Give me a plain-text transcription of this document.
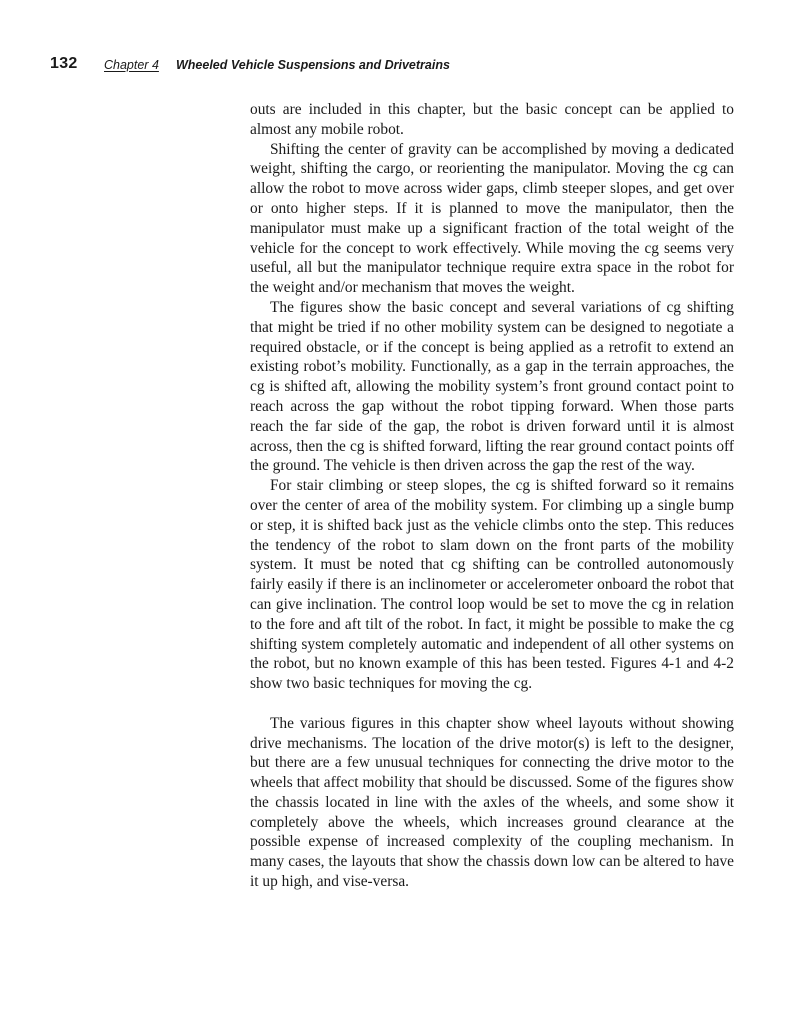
132 Chapter 4 Wheeled Vehicle Suspensions and Drivetrains

outs are included in this chapter, but the basic concept can be applied to almost any mobile robot.

Shifting the center of gravity can be accomplished by moving a dedicated weight, shifting the cargo, or reorienting the manipulator. Moving the cg can allow the robot to move across wider gaps, climb steeper slopes, and get over or onto higher steps. If it is planned to move the manipulator, then the manipulator must make up a significant fraction of the total weight of the vehicle for the concept to work effectively. While moving the cg seems very useful, all but the manipulator technique require extra space in the robot for the weight and/or mechanism that moves the weight.

The figures show the basic concept and several variations of cg shifting that might be tried if no other mobility system can be designed to negotiate a required obstacle, or if the concept is being applied as a retrofit to extend an existing robot’s mobility. Functionally, as a gap in the terrain approaches, the cg is shifted aft, allowing the mobility system’s front ground contact point to reach across the gap without the robot tipping forward. When those parts reach the far side of the gap, the robot is driven forward until it is almost across, then the cg is shifted forward, lifting the rear ground contact points off the ground. The vehicle is then driven across the gap the rest of the way.

For stair climbing or steep slopes, the cg is shifted forward so it remains over the center of area of the mobility system. For climbing up a single bump or step, it is shifted back just as the vehicle climbs onto the step. This reduces the tendency of the robot to slam down on the front parts of the mobility system. It must be noted that cg shifting can be controlled autonomously fairly easily if there is an inclinometer or accelerometer onboard the robot that can give inclination. The control loop would be set to move the cg in relation to the fore and aft tilt of the robot. In fact, it might be possible to make the cg shifting system completely automatic and independent of all other systems on the robot, but no known example of this has been tested. Figures 4-1 and 4-2 show two basic techniques for moving the cg.

The various figures in this chapter show wheel layouts without showing drive mechanisms. The location of the drive motor(s) is left to the designer, but there are a few unusual techniques for connecting the drive motor to the wheels that affect mobility that should be discussed. Some of the figures show the chassis located in line with the axles of the wheels, and some show it completely above the wheels, which increases ground clearance at the possible expense of increased complexity of the coupling mechanism. In many cases, the layouts that show the chassis down low can be altered to have it up high, and vise-versa.
